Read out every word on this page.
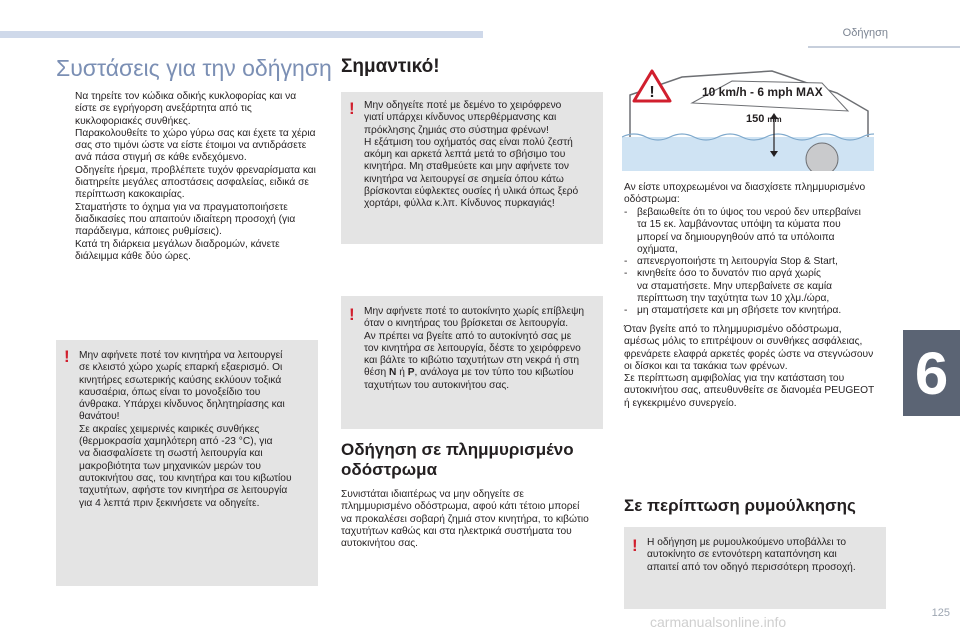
Οδήγηση
6
125
carmanualsonline.info
Συστάσεις για την οδήγηση
Να τηρείτε τον κώδικα οδικής κυκλοφορίας και να είστε σε εγρήγορση ανεξάρτητα από τις κυκλοφοριακές συνθήκες.
Παρακολουθείτε το χώρο γύρω σας και έχετε τα χέρια σας στο τιμόνι ώστε να είστε έτοιμοι να αντιδράσετε ανά πάσα στιγμή σε κάθε ενδεχόμενο.
Οδηγείτε ήρεμα, προβλέπετε τυχόν φρεναρίσματα και διατηρείτε μεγάλες αποστάσεις ασφαλείας, ειδικά σε περίπτωση κακοκαιρίας.
Σταματήστε το όχημα για να πραγματοποιήσετε διαδικασίες που απαιτούν ιδιαίτερη προσοχή (για παράδειγμα, κάποιες ρυθμίσεις).
Κατά τη διάρκεια μεγάλων διαδρομών, κάνετε διάλειμμα κάθε δύο ώρες.
! Μην αφήνετε ποτέ τον κινητήρα να λειτουργεί
σε κλειστό χώρο χωρίς επαρκή εξαερισμό. Οι
κινητήρες εσωτερικής καύσης εκλύουν τοξικά
καυσαέρια, όπως είναι το μονοξείδιο του
άνθρακα. Υπάρχει κίνδυνος δηλητηρίασης και
θανάτου!
Σε ακραίες χειμερινές καιρικές συνθήκες
(θερμοκρασία χαμηλότερη από -23 °C), για
να διασφαλίσετε τη σωστή λειτουργία και
μακροβιότητα των μηχανικών μερών του
αυτοκινήτου σας, του κινητήρα και του κιβωτίου
ταχυτήτων, αφήστε τον κινητήρα σε λειτουργία
για 4 λεπτά πριν ξεκινήσετε να οδηγείτε.
Σημαντικό!
! Μην οδηγείτε ποτέ με δεμένο το χειρόφρενο
γιατί υπάρχει κίνδυνος υπερθέρμανσης και
πρόκλησης ζημιάς στο σύστημα φρένων!
Η εξάτμιση του οχήματός σας είναι πολύ ζεστή
ακόμη και αρκετά λεπτά μετά το σβήσιμο του
κινητήρα. Μη σταθμεύετε και μην αφήνετε τον
κινητήρα να λειτουργεί σε σημεία όπου κάτω
βρίσκονται εύφλεκτες ουσίες ή υλικά όπως ξερό
χορτάρι, φύλλα κ.λπ. Κίνδυνος πυρκαγιάς!
! Μην αφήνετε ποτέ το αυτοκίνητο χωρίς επίβλεψη
όταν ο κινητήρας του βρίσκεται σε λειτουργία.
Αν πρέπει να βγείτε από το αυτοκίνητό σας με
τον κινητήρα σε λειτουργία, δέστε το χειρόφρενο
και βάλτε το κιβώτιο ταχυτήτων στη νεκρά ή στη
θέση N ή P, ανάλογα με τον τύπο του κιβωτίου
ταχυτήτων του αυτοκινήτου σας.
Οδήγηση σε πλημμυρισμένο οδόστρωμα
Συνιστάται ιδιαιτέρως να μην οδηγείτε σε
πλημμυρισμένο οδόστρωμα, αφού κάτι τέτοιο μπορεί
να προκαλέσει σοβαρή ζημιά στον κινητήρα, το κιβώτιο
ταχυτήτων καθώς και στα ηλεκτρικά συστήματα του
αυτοκινήτου σας.
!	10 km/h - 6 mph MAX
150 mm
Αν είστε υποχρεωμένοι να διασχίσετε πλημμυρισμένο
οδόστρωμα:
- βεβαιωθείτε ότι το ύψος του νερού δεν υπερβαίνει
τα 15 εκ. λαμβάνοντας υπόψη τα κύματα που
μπορεί να δημιουργηθούν από τα υπόλοιπα
οχήματα,
- απενεργοποιήστε τη λειτουργία Stop & Start,
- κινηθείτε όσο το δυνατόν πιο αργά χωρίς
να σταματήσετε. Μην υπερβαίνετε σε καμία
περίπτωση την ταχύτητα των 10 χλμ./ώρα,
- μη σταματήσετε και μη σβήσετε τον κινητήρα.
Όταν βγείτε από το πλημμυρισμένο οδόστρωμα,
αμέσως μόλις το επιτρέψουν οι συνθήκες ασφάλειας,
φρενάρετε ελαφρά αρκετές φορές ώστε να στεγνώσουν
οι δίσκοι και τα τακάκια των φρένων.
Σε περίπτωση αμφιβολίας για την κατάσταση του
αυτοκινήτου σας, απευθυνθείτε σε διανομέα PEUGEOT
ή εγκεκριμένο συνεργείο.
Σε περίπτωση ρυμούλκησης
! Η οδήγηση με ρυμουλκούμενο υποβάλλει το
αυτοκίνητο σε εντονότερη καταπόνηση και
απαιτεί από τον οδηγό περισσότερη προσοχή.
